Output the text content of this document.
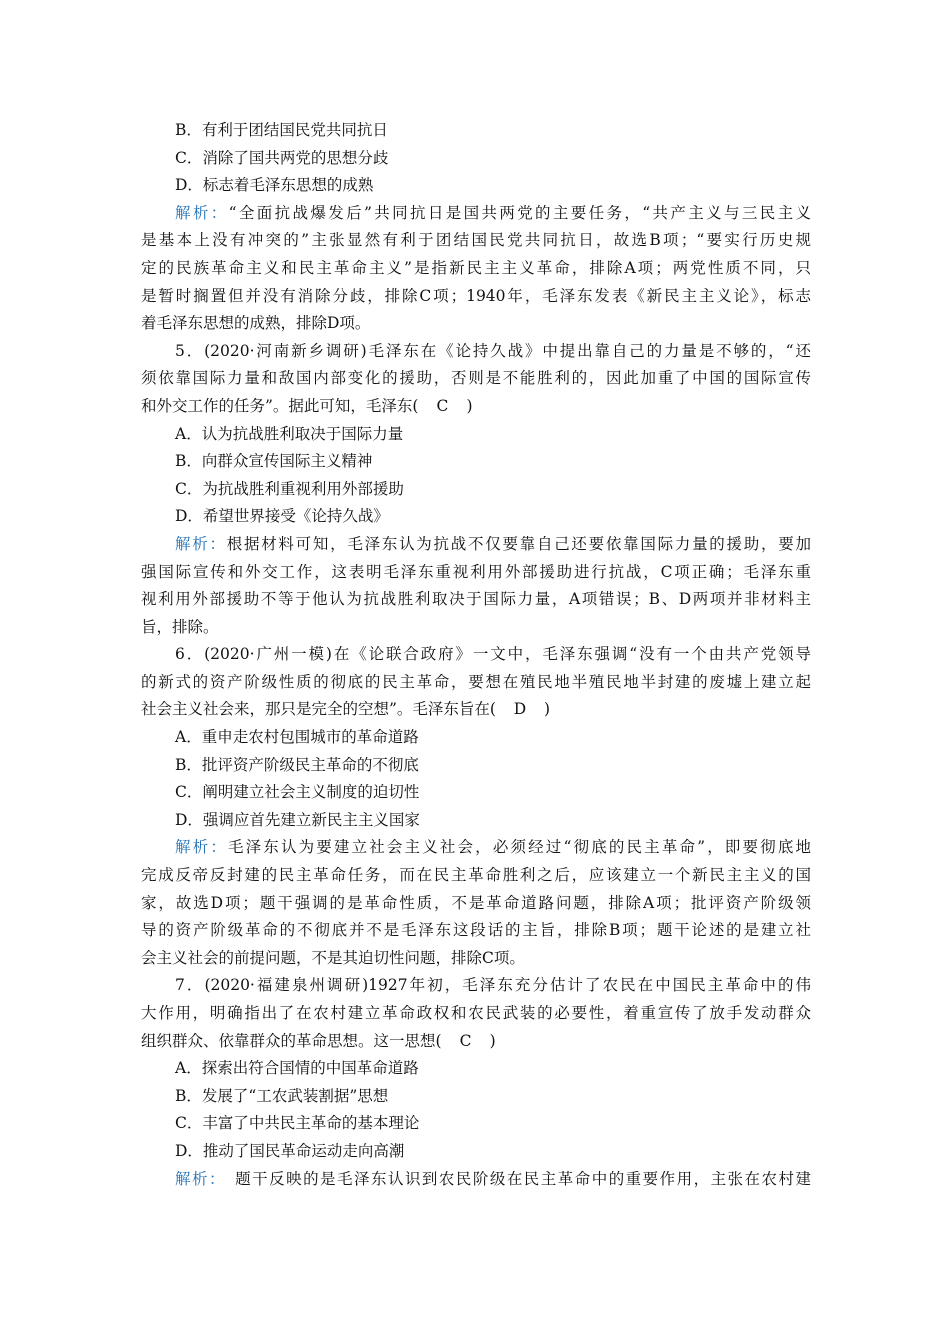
B．有利于团结国民党共同抗日
C．消除了国共两党的思想分歧
D．标志着毛泽东思想的成熟
解析：“全面抗战爆发后”共同抗日是国共两党的主要任务，“共产主义与三民主义
是基本上没有冲突的”主张显然有利于团结国民党共同抗日，故选B项；“要实行历史规
定的民族革命主义和民主革命主义”是指新民主主义革命，排除A项；两党性质不同，只
是暂时搁置但并没有消除分歧，排除C项；1940年，毛泽东发表《新民主主义论》，标志
着毛泽东思想的成熟，排除D项。
5．(2020·河南新乡调研)毛泽东在《论持久战》中提出靠自己的力量是不够的，“还
须依靠国际力量和敌国内部变化的援助，否则是不能胜利的，因此加重了中国的国际宣传
和外交工作的任务”。据此可知，毛泽东( C )
A．认为抗战胜利取决于国际力量
B．向群众宣传国际主义精神
C．为抗战胜利重视利用外部援助
D．希望世界接受《论持久战》
解析：根据材料可知，毛泽东认为抗战不仅要靠自己还要依靠国际力量的援助，要加
强国际宣传和外交工作，这表明毛泽东重视利用外部援助进行抗战，C项正确；毛泽东重
视利用外部援助不等于他认为抗战胜利取决于国际力量，A项错误；B、D两项并非材料主
旨，排除。
6．(2020·广州一模)在《论联合政府》一文中，毛泽东强调“没有一个由共产党领导
的新式的资产阶级性质的彻底的民主革命，要想在殖民地半殖民地半封建的废墟上建立起
社会主义社会来，那只是完全的空想”。毛泽东旨在( D )
A．重申走农村包围城市的革命道路
B．批评资产阶级民主革命的不彻底
C．阐明建立社会主义制度的迫切性
D．强调应首先建立新民主主义国家
解析：毛泽东认为要建立社会主义社会，必须经过“彻底的民主革命”，即要彻底地
完成反帝反封建的民主革命任务，而在民主革命胜利之后，应该建立一个新民主主义的国
家，故选D项；题干强调的是革命性质，不是革命道路问题，排除A项；批评资产阶级领
导的资产阶级革命的不彻底并不是毛泽东这段话的主旨，排除B项；题干论述的是建立社
会主义社会的前提问题，不是其迫切性问题，排除C项。
7．(2020·福建泉州调研)1927年初，毛泽东充分估计了农民在中国民主革命中的伟
大作用，明确指出了在农村建立革命政权和农民武装的必要性，着重宣传了放手发动群众
组织群众、依靠群众的革命思想。这一思想( C )
A．探索出符合国情的中国革命道路
B．发展了“工农武装割据”思想
C．丰富了中共民主革命的基本理论
D．推动了国民革命运动走向高潮
解析：　题干反映的是毛泽东认识到农民阶级在民主革命中的重要作用，主张在农村建
